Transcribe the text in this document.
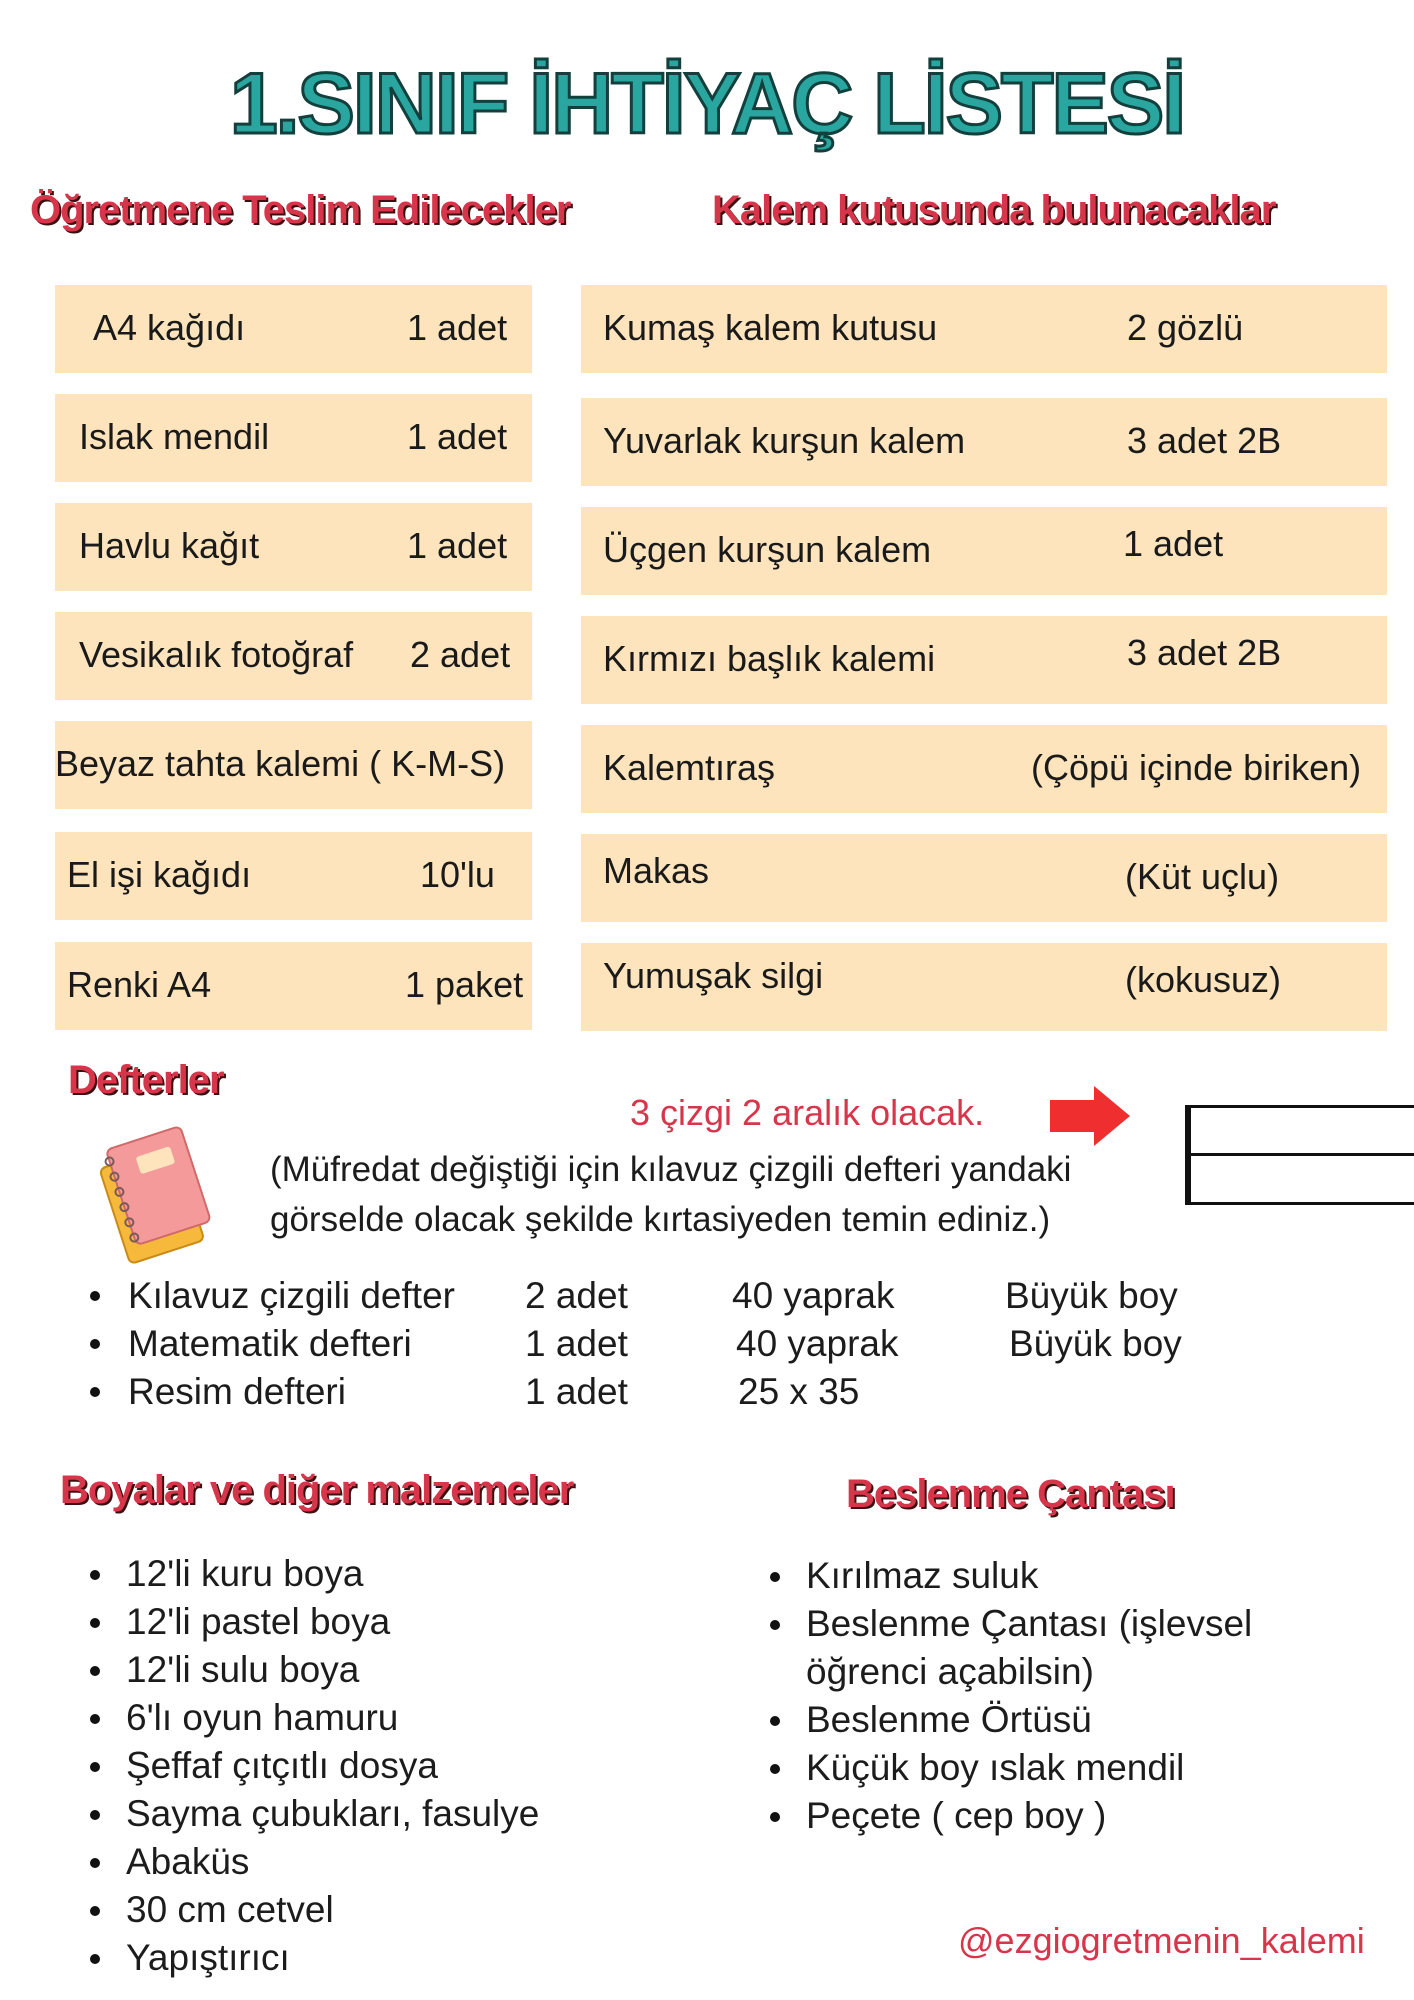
1.SINIF İHTİYAÇ LİSTESİ
Öğretmene Teslim Edilecekler	Kalem kutusunda bulunacaklar
A4 kağıdı	1 adet
Islak mendil	1 adet
Havlu kağıt	1 adet
Vesikalık fotoğraf 2 adet
Beyaz tahta kalemi ( K-M-S)
El işi kağıdı	10'lu
Renki A4	1 paket
Kumaş kalem kutusu	2 gözlü
Yuvarlak kurşun kalem	3 adet 2B
Üçgen kurşun kalem	1 adet
Kırmızı başlık kalemi	3 adet 2B
Kalemtıraş	(Çöpü içinde biriken)
Makas	(Küt uçlu)
Yumuşak silgi	(kokusuz)
Defterler
3 çizgi 2 aralık olacak.
(Müfredat değiştiği için kılavuz çizgili defteri yandaki
görselde olacak şekilde kırtasiyeden temin ediniz.)
Kılavuz çizgili defter 2 adet	40 yaprak	Büyük boy
Matematik defteri	1 adet	40 yaprak	Büyük boy
Resim defteri	1 adet	25 x 35
Boyalar ve diğer malzemeler
12'li kuru boya
12'li pastel boya
12'li sulu boya
6'lı oyun hamuru
Şeffaf çıtçıtlı dosya
Sayma çubukları, fasulye
Abaküs
30 cm cetvel
Yapıştırıcı
Beslenme Çantası
Kırılmaz suluk
Beslenme Çantası (işlevsel öğrenci açabilsin)
Beslenme Örtüsü
Küçük boy ıslak mendil
Peçete ( cep boy )
@ezgiogretmenin_kalemi
